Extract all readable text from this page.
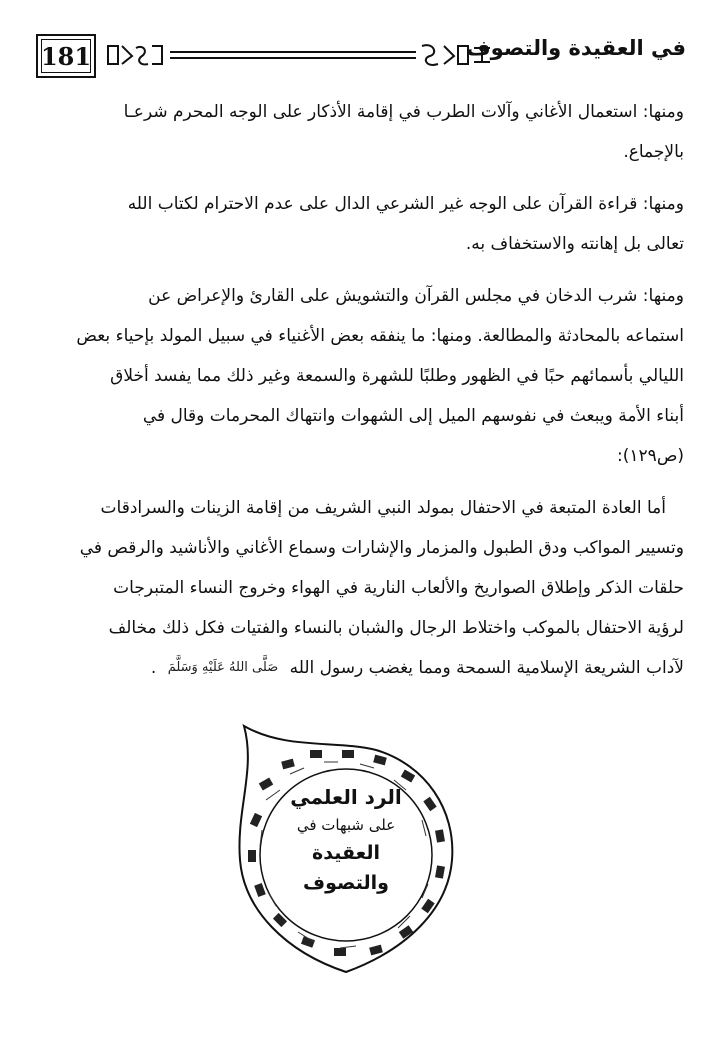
181	في العقيدة والتصوف
ومنها: استعمال الأغاني وآلات الطرب في إقامة الأذكار على الوجه المحرم شرعـا
بالإجماع.
ومنها: قراءة القرآن على الوجه غير الشرعي الدال على عدم الاحترام لكتاب الله
تعالى بل إهانته والاستخفاف به.
ومنها: شرب الدخان في مجلس القرآن والتشويش على القارئ والإعراض عن
استماعه بالمحادثة والمطالعة. ومنها: ما ينفقه بعض الأغنياء في سبيل المولد بإحياء بعض
الليالي بأسمائهم حبًا في الظهور وطلبًا للشهرة والسمعة وغير ذلك مما يفسد أخلاق
أبناء الأمة ويبعث في نفوسهم الميل إلى الشهوات وانتهاك المحرمات وقال في
(ص١٢٩):
أما العادة المتبعة في الاحتفال بمولد النبي الشريف من إقامة الزينات والسرادقات
وتسيير المواكب ودق الطبول والمزمار والإشارات وسماع الأغاني والأناشيد والرقص في
حلقات الذكر وإطلاق الصواريخ والألعاب النارية في الهواء وخروج النساء المتبرجات
لرؤية الاحتفال بالموكب واختلاط الرجال والشبان بالنساء والفتيات فكل ذلك مخالف
لآداب الشريعة الإسلامية السمحة ومما يغضب رسول الله صَلَّى اللهُ عَلَيْهِ وَسَلَّمَ .
الرد العلمي
على شبهات في
العقيدة والتصوف
